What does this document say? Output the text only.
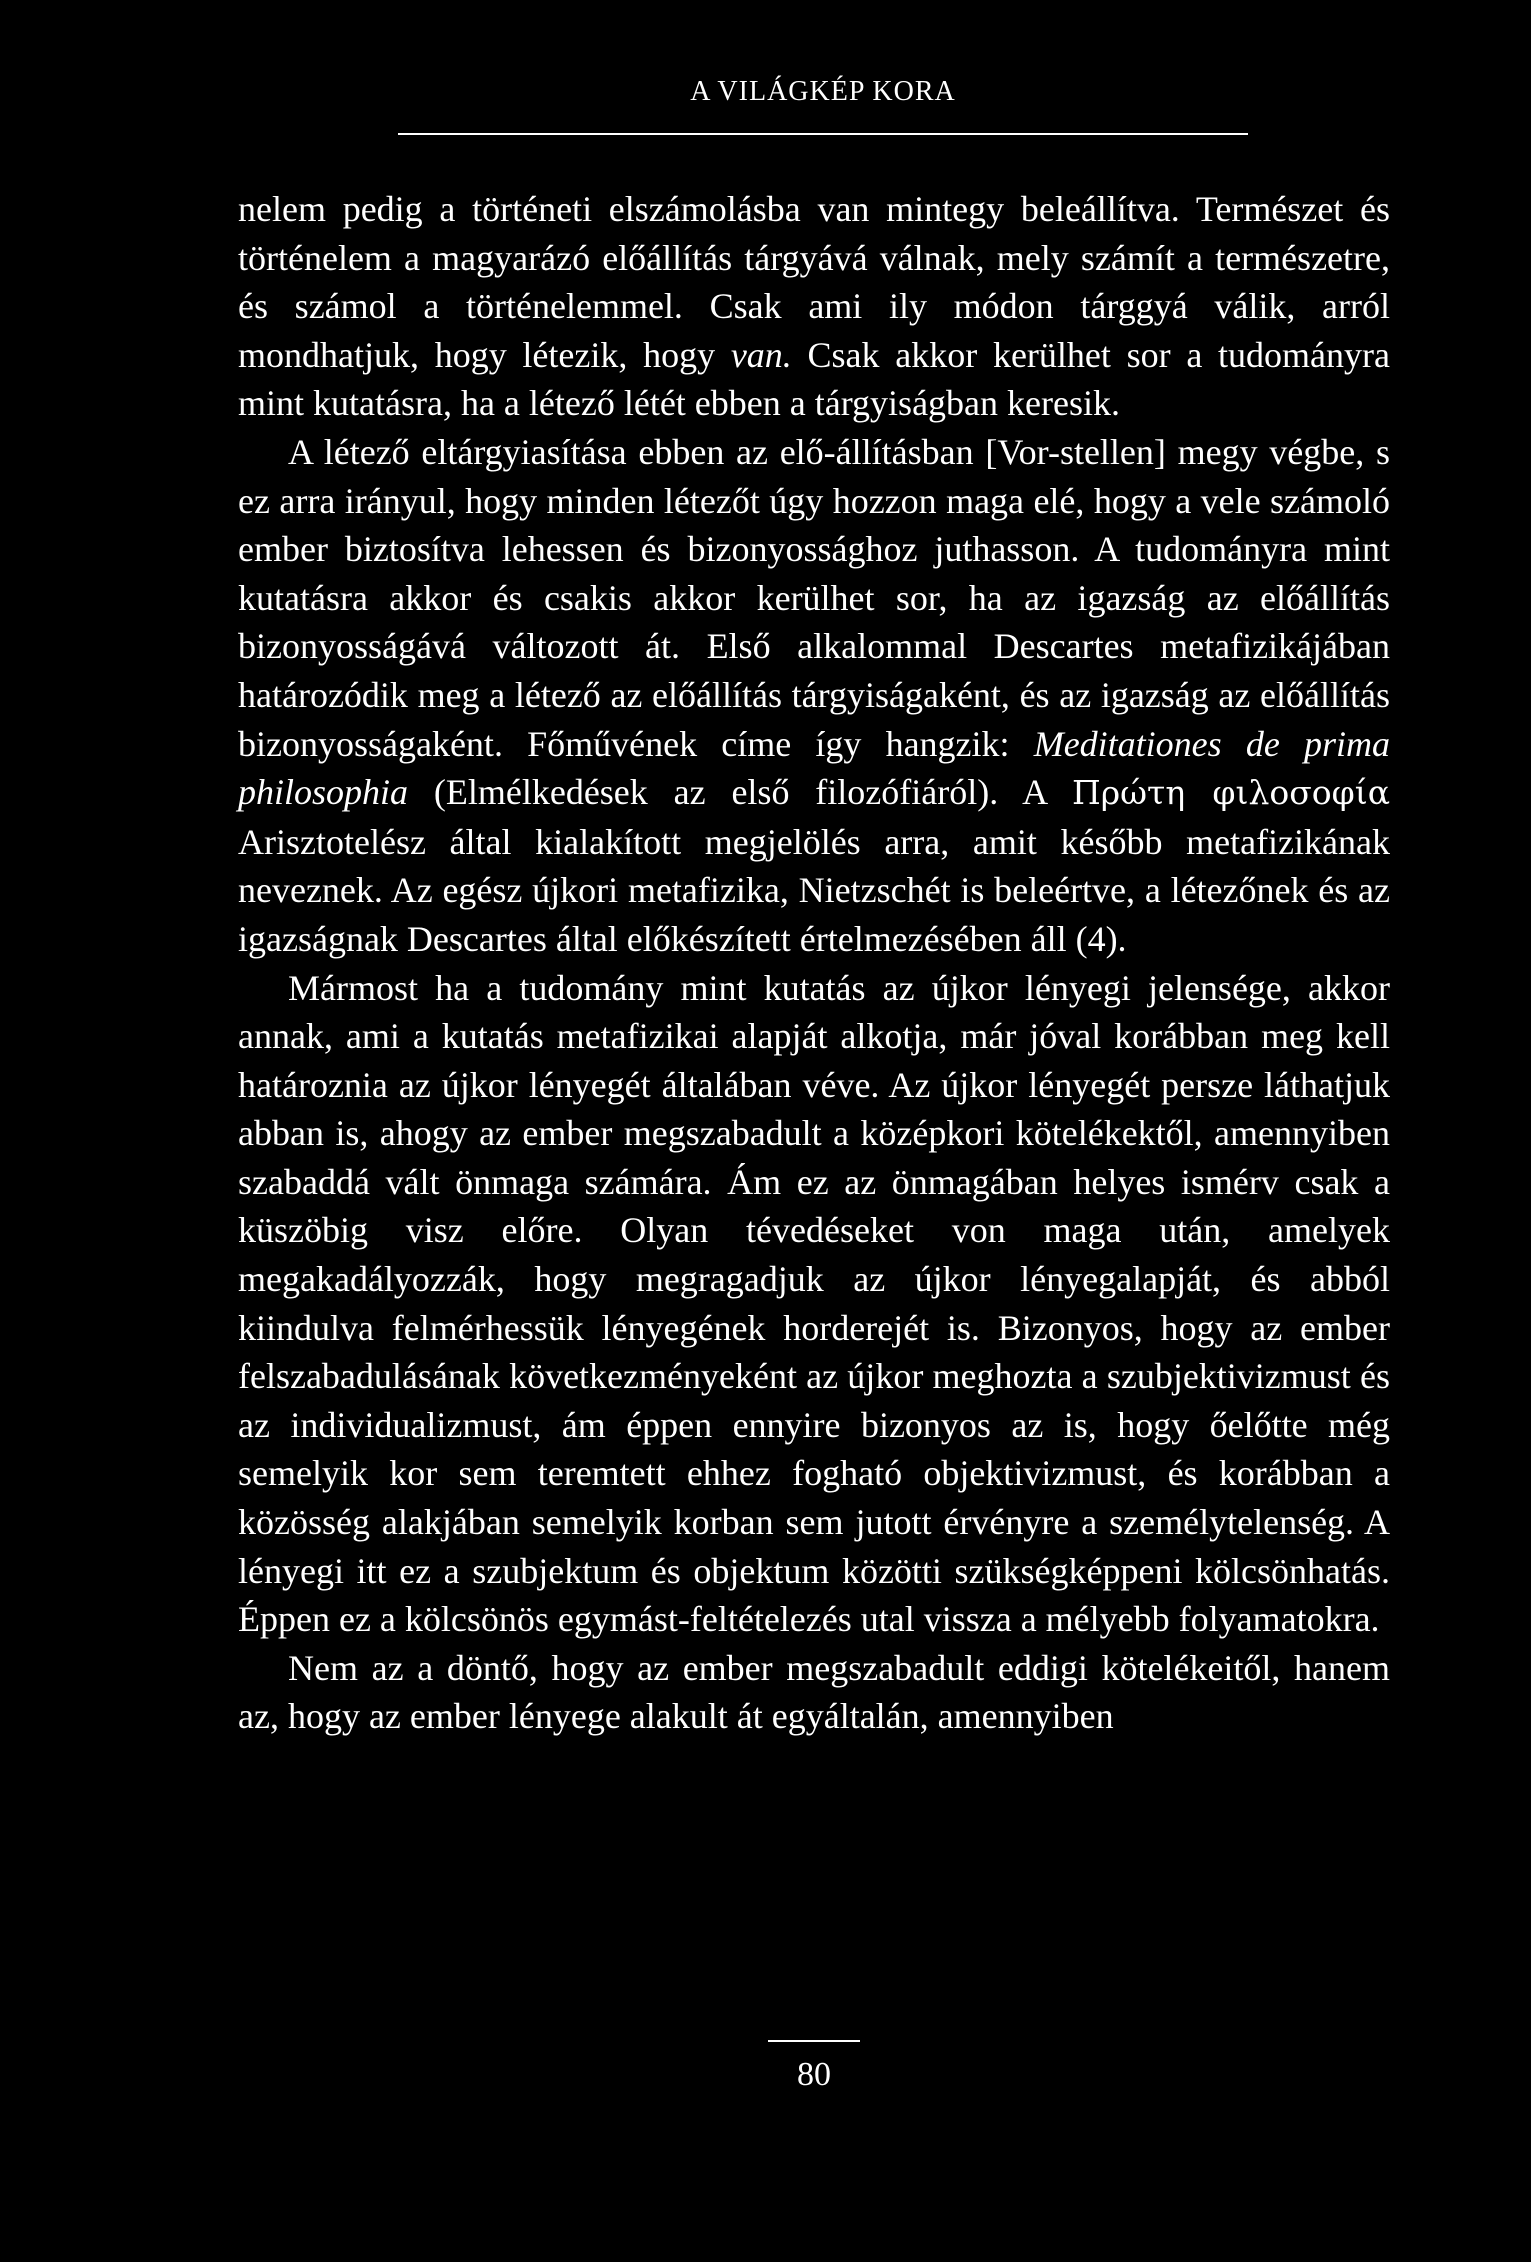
A VILÁGKÉP KORA

nelem pedig a történeti elszámolásba van mintegy beleállítva. Természet és történelem a magyarázó előállítás tárgyává válnak, mely számít a természetre, és számol a történelemmel. Csak ami ily módon tárggyá válik, arról mondhatjuk, hogy létezik, hogy van. Csak akkor kerülhet sor a tudományra mint kutatásra, ha a létező létét ebben a tárgyiságban keresik.

A létező eltárgyiasítása ebben az elő-állításban [Vor-stellen] megy végbe, s ez arra irányul, hogy minden létezőt úgy hozzon maga elé, hogy a vele számoló ember biztosítva lehessen és bizonyossághoz juthasson. A tudományra mint kutatásra akkor és csakis akkor kerülhet sor, ha az igazság az előállítás bizonyosságává változott át. Első alkalommal Descartes metafizikájában határozódik meg a létező az előállítás tárgyiságaként, és az igazság az előállítás bizonyosságaként. Főművének címe így hangzik: Meditationes de prima philosophia (Elmélkedések az első filozófiáról). A Πρώτη φιλοσοφία Arisztotelész által kialakított megjelölés arra, amit később metafizikának neveznek. Az egész újkori metafizika, Nietzschét is beleértve, a létezőnek és az igazságnak Descartes által előkészített értelmezésében áll (4).

Mármost ha a tudomány mint kutatás az újkor lényegi jelensége, akkor annak, ami a kutatás metafizikai alapját alkotja, már jóval korábban meg kell határoznia az újkor lényegét általában véve. Az újkor lényegét persze láthatjuk abban is, ahogy az ember megszabadult a középkori kötelékektől, amennyiben szabaddá vált önmaga számára. Ám ez az önmagában helyes ismérv csak a küszöbig visz előre. Olyan tévedéseket von maga után, amelyek megakadályozzák, hogy megragadjuk az újkor lényegalapját, és abból kiindulva felmérhessük lényegének horderejét is. Bizonyos, hogy az ember felszabadulásának következményeként az újkor meghozta a szubjektivizmust és az individualizmust, ám éppen ennyire bizonyos az is, hogy őelőtte még semelyik kor sem teremtett ehhez fogható objektivizmust, és korábban a közösség alakjában semelyik korban sem jutott érvényre a személytelenség. A lényegi itt ez a szubjektum és objektum közötti szükségképpeni kölcsönhatás. Éppen ez a kölcsönös egymást-feltételezés utal vissza a mélyebb folyamatokra.

Nem az a döntő, hogy az ember megszabadult eddigi kötelékeitől, hanem az, hogy az ember lényege alakult át egyáltalán, amennyiben

80
